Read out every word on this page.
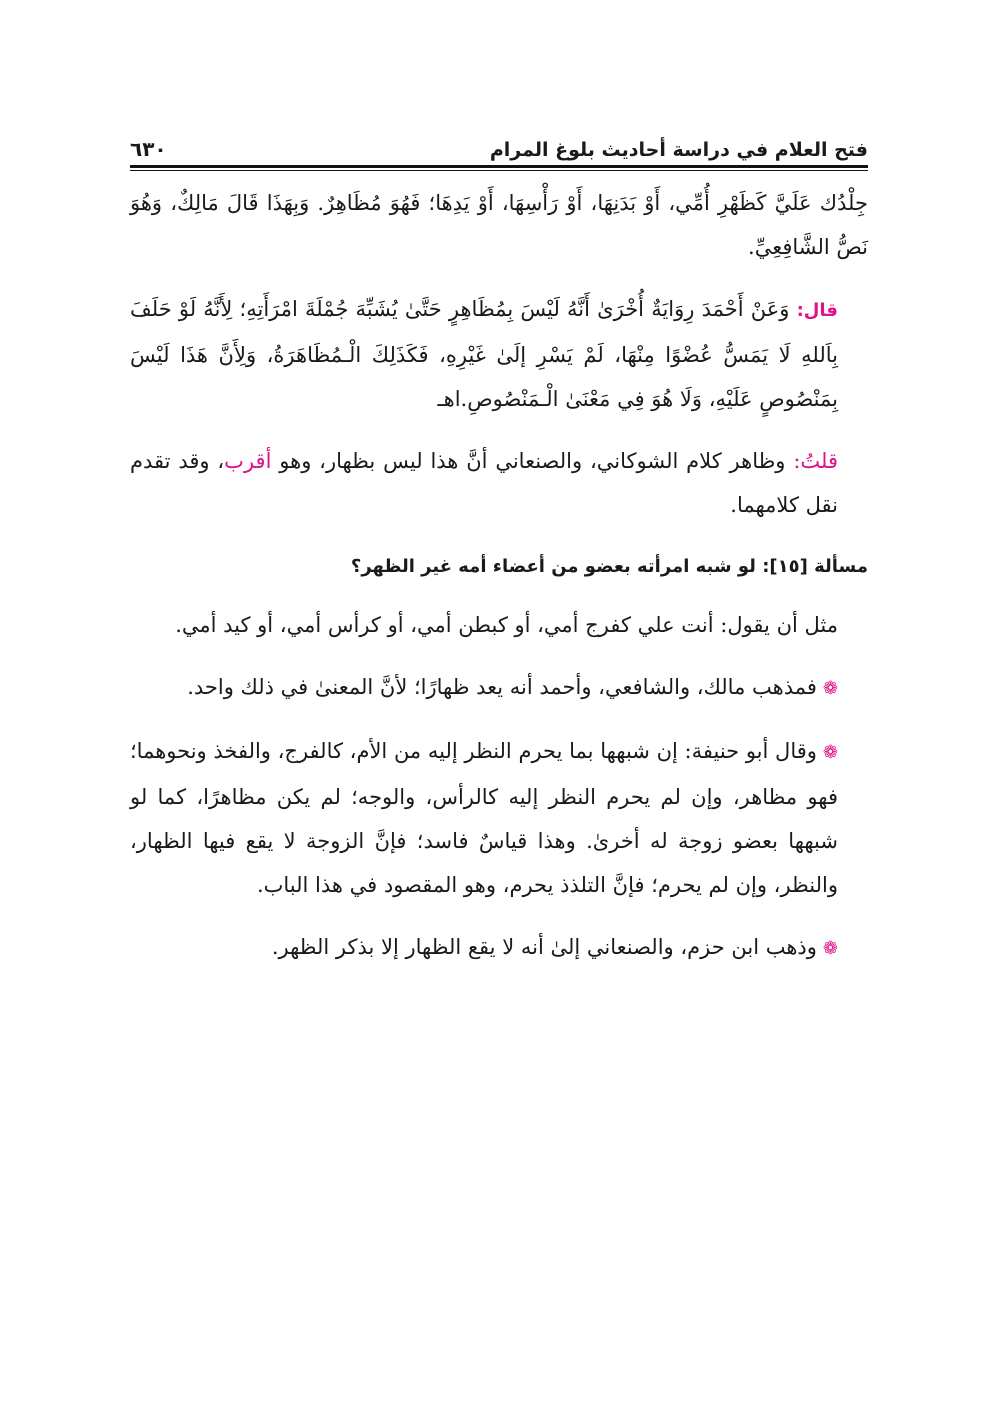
فتح العلام في دراسة أحاديث بلوغ المرام
٦٣٠

جِلْدُك عَلَيَّ كَظَهْرِ أُمِّي، أَوْ بَدَنِهَا، أَوْ رَأْسِهَا، أَوْ يَدِهَا؛ فَهُوَ مُظَاهِرٌ. وَبِهَذَا قَالَ مَالِكٌ، وَهُوَ نَصُّ الشَّافِعِيِّ.

قال: وَعَنْ أَحْمَدَ رِوَايَةٌ أُخْرَىٰ أَنَّهُ لَيْسَ بِمُظَاهِرٍ حَتَّىٰ يُشَبِّهَ جُمْلَةَ امْرَأَتِهِ؛ لِأَنَّهُ لَوْ حَلَفَ بِاَللهِ لَا يَمَسُّ عُضْوًا مِنْهَا، لَمْ يَسْرِ إلَىٰ غَيْرِهِ، فَكَذَلِكَ الْـمُظَاهَرَةُ، وَلِأَنَّ هَذَا لَيْسَ بِمَنْصُوصٍ عَلَيْهِ، وَلَا هُوَ فِي مَعْنَىٰ الْـمَنْصُوصِ.اهـ

قلتُ: وظاهر كلام الشوكاني، والصنعاني أنَّ هذا ليس بظهار، وهو أقرب، وقد تقدم نقل كلامهما.

مسألة [١٥]: لو شبه امرأته بعضو من أعضاء أمه غير الظهر؟

مثل أن يقول: أنت علي كفرج أمي، أو كبطن أمي، أو كرأس أمي، أو كيد أمي.

❁فمذهب مالك، والشافعي، وأحمد أنه يعد ظهارًا؛ لأنَّ المعنىٰ في ذلك واحد.

❁وقال أبو حنيفة: إن شبهها بما يحرم النظر إليه من الأم، كالفرج، والفخذ ونحوهما؛ فهو مظاهر، وإن لم يحرم النظر إليه كالرأس، والوجه؛ لم يكن مظاهرًا، كما لو شبهها بعضو زوجة له أخرىٰ. وهذا قياسٌ فاسد؛ فإنَّ الزوجة لا يقع فيها الظهار، والنظر، وإن لم يحرم؛ فإنَّ التلذذ يحرم، وهو المقصود في هذا الباب.

❁وذهب ابن حزم، والصنعاني إلىٰ أنه لا يقع الظهار إلا بذكر الظهر.
